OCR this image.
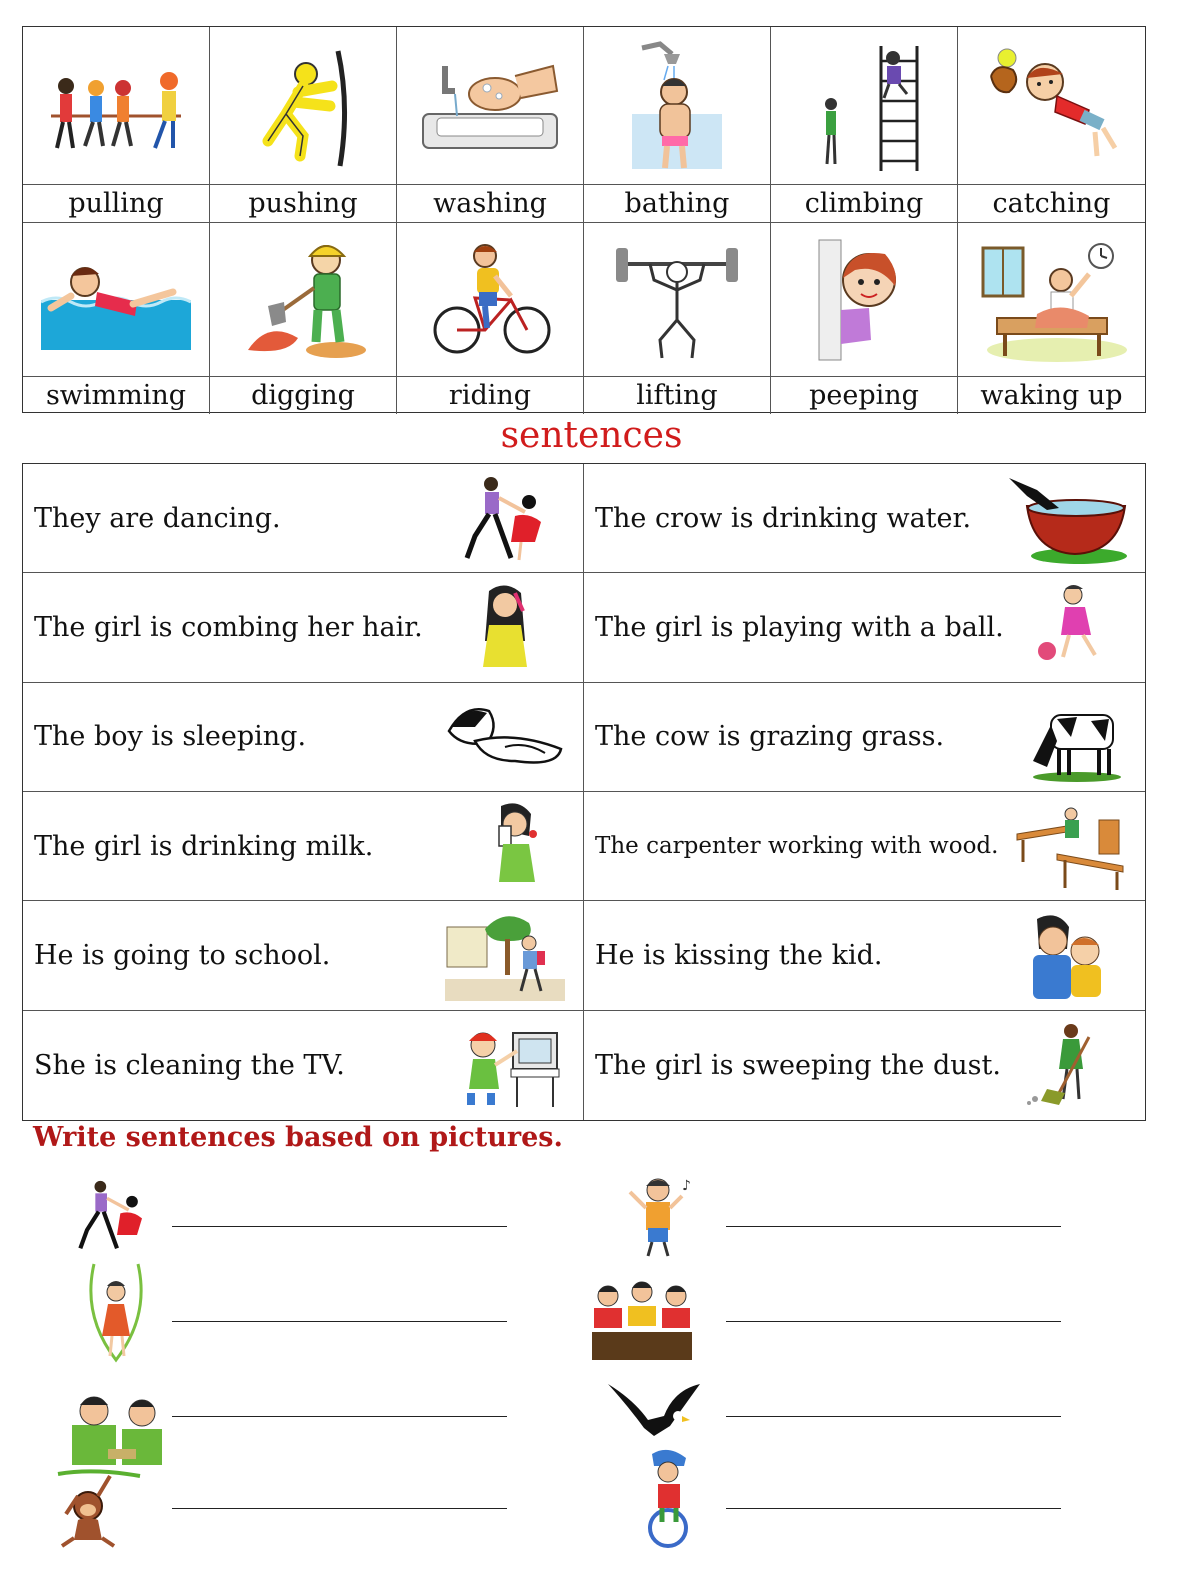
pulling	pushing	washing	bathing	climbing	catching
swimming	digging	riding	lifting	peeping	waking up
sentences
They are dancing.	The crow is drinking water.
The girl is combing her hair.	The girl is playing with a ball.
The boy is sleeping.	The cow is grazing grass.
The girl is drinking milk.	The carpenter working with wood.
He is going to school.	He is kissing the kid.
She is cleaning the TV.	The girl is sweeping the dust.
Write sentences based on pictures.
♪
